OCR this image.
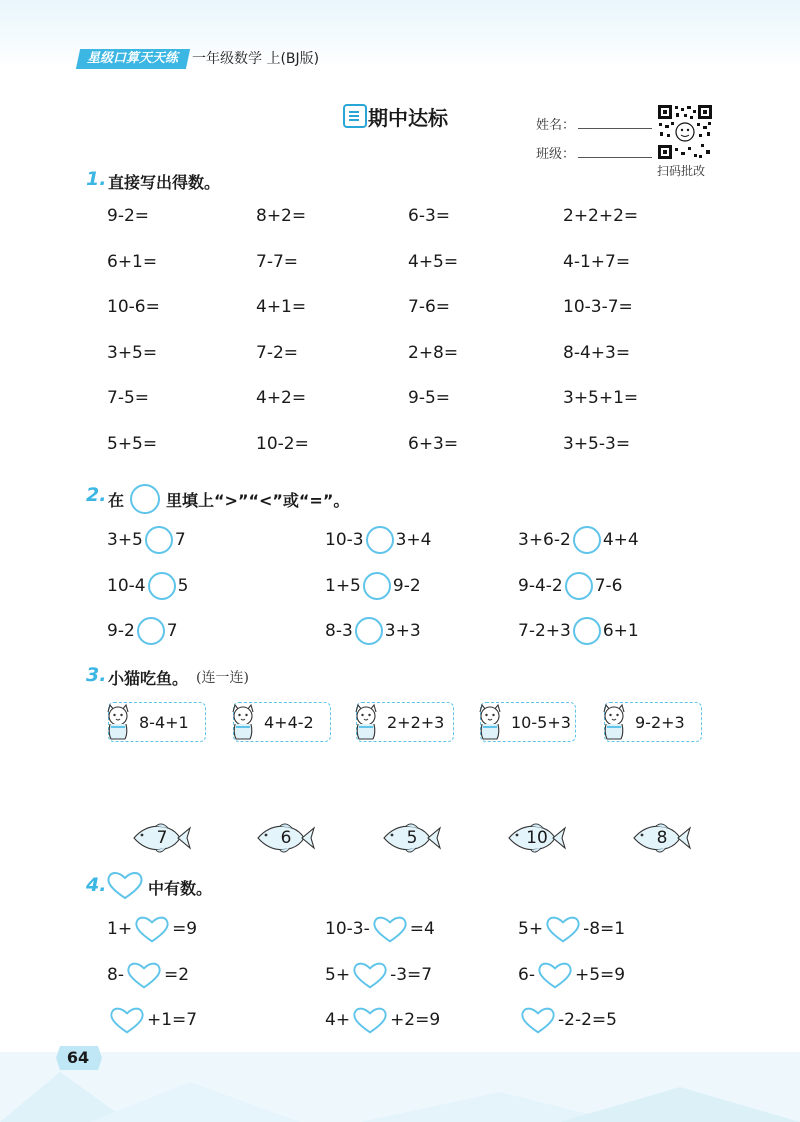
星级口算天天练 一年级数学 上(BJ版)
期中达标	姓名：
班级：
扫码批改
1. 直接写出得数。
2. 在	里填上“>”“<”或“=”。
3. 小猫吃鱼。 (连一连)
4.	中有数。
64
9-2=	8+2=	6-3=	2+2+2=
6+1=	7-7=	4+5=	4-1+7=
10-6=	4+1=	7-6=	10-3-7=
3+5=	7-2=	2+8=	8-4+3=
7-5=	4+2=	9-5=	3+5+1=
5+5=	10-2=	6+3=	3+5-3=
3+5 7	10-3 3+4	3+6-2 4+4
10-4 5	1+5 9-2	9-4-2 7-6
9-2 7	8-3 3+3	7-2+3 6+1
8-4+1	4+4-2	2+2+3	10-5+3	9-2+3
7	6	5	10	8
1+ =9	10-3- =4	5+ -8=1
8- =2	5+ -3=7	6- +5=9
+1=7	4+ +2=9	-2-2=5
